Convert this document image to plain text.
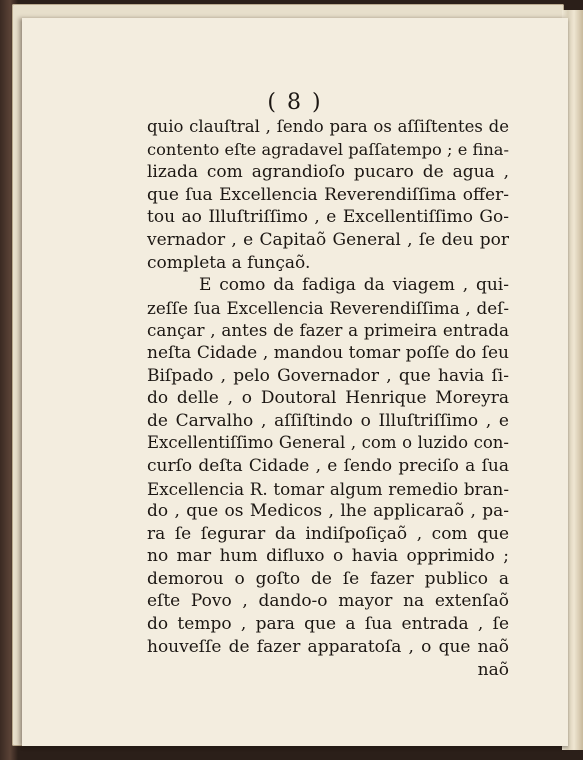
( 8 )
quio clauſtral , ſendo para os aſſiſtentes de
contento eſte agradavel paſſatempo ; e fina-
lizada com agrandioſo pucaro de agua ,
que ſua Excellencia Reverendiſſima offer-
tou ao Illuſtriſſimo , e Excellentiſſimo Go-
vernador , e Capitaõ General , ſe deu por
completa a funçaõ.
E como da fadiga da viagem , qui-
zeſſe ſua Excellencia Reverendiſſima , deſ-
cançar , antes de fazer a primeira entrada
neſta Cidade , mandou tomar poſſe do ſeu
Biſpado , pelo Governador , que havia ſi-
do delle , o Doutoral Henrique Moreyra
de Carvalho , aſſiſtindo o Illuſtriſſimo , e
Excellentiſſimo General , com o luzido con-
curſo deſta Cidade , e ſendo preciſo a ſua
Excellencia R. tomar algum remedio bran-
do , que os Medicos , lhe applicaraõ , pa-
ra ſe ſegurar da indiſpoſiçaõ , com que
no mar hum difluxo o havia opprimido ;
demorou o goſto de ſe fazer publico a
eſte Povo , dando-o mayor na extenſaõ
do tempo , para que a ſua entrada , ſe
houveſſe de fazer apparatoſa , o que naõ
naõ
